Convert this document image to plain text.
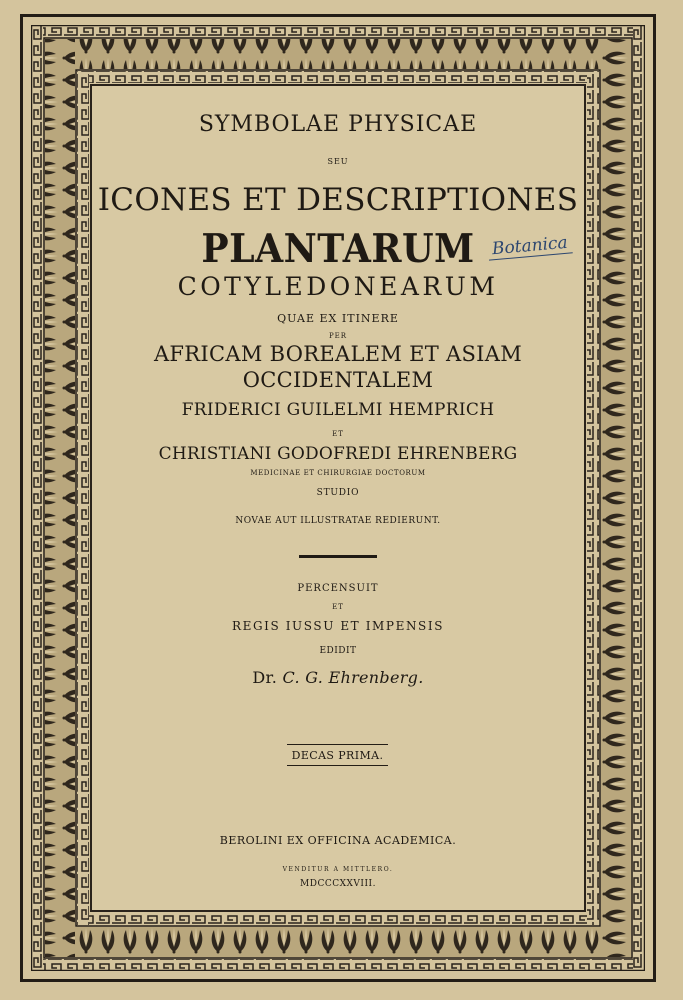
SYMBOLAE PHYSICAE
SEU
ICONES ET DESCRIPTIONES
PLANTARUM
COTYLEDONEARUM
QUAE EX ITINERE
PER
AFRICAM BOREALEM ET ASIAM
OCCIDENTALEM
FRIDERICI GUILELMI HEMPRICH
ET
CHRISTIANI GODOFREDI EHRENBERG
MEDICINAE ET CHIRURGIAE DOCTORUM
STUDIO
NOVAE AUT ILLUSTRATAE REDIERUNT.
PERCENSUIT
ET
REGIS IUSSU ET IMPENSIS
EDIDIT
Dr. C. G. Ehrenberg.
DECAS PRIMA.
BEROLINI EX OFFICINA ACADEMICA.
VENDITUR A MITTLERO.
MDCCCXXVIII.
Botanica
